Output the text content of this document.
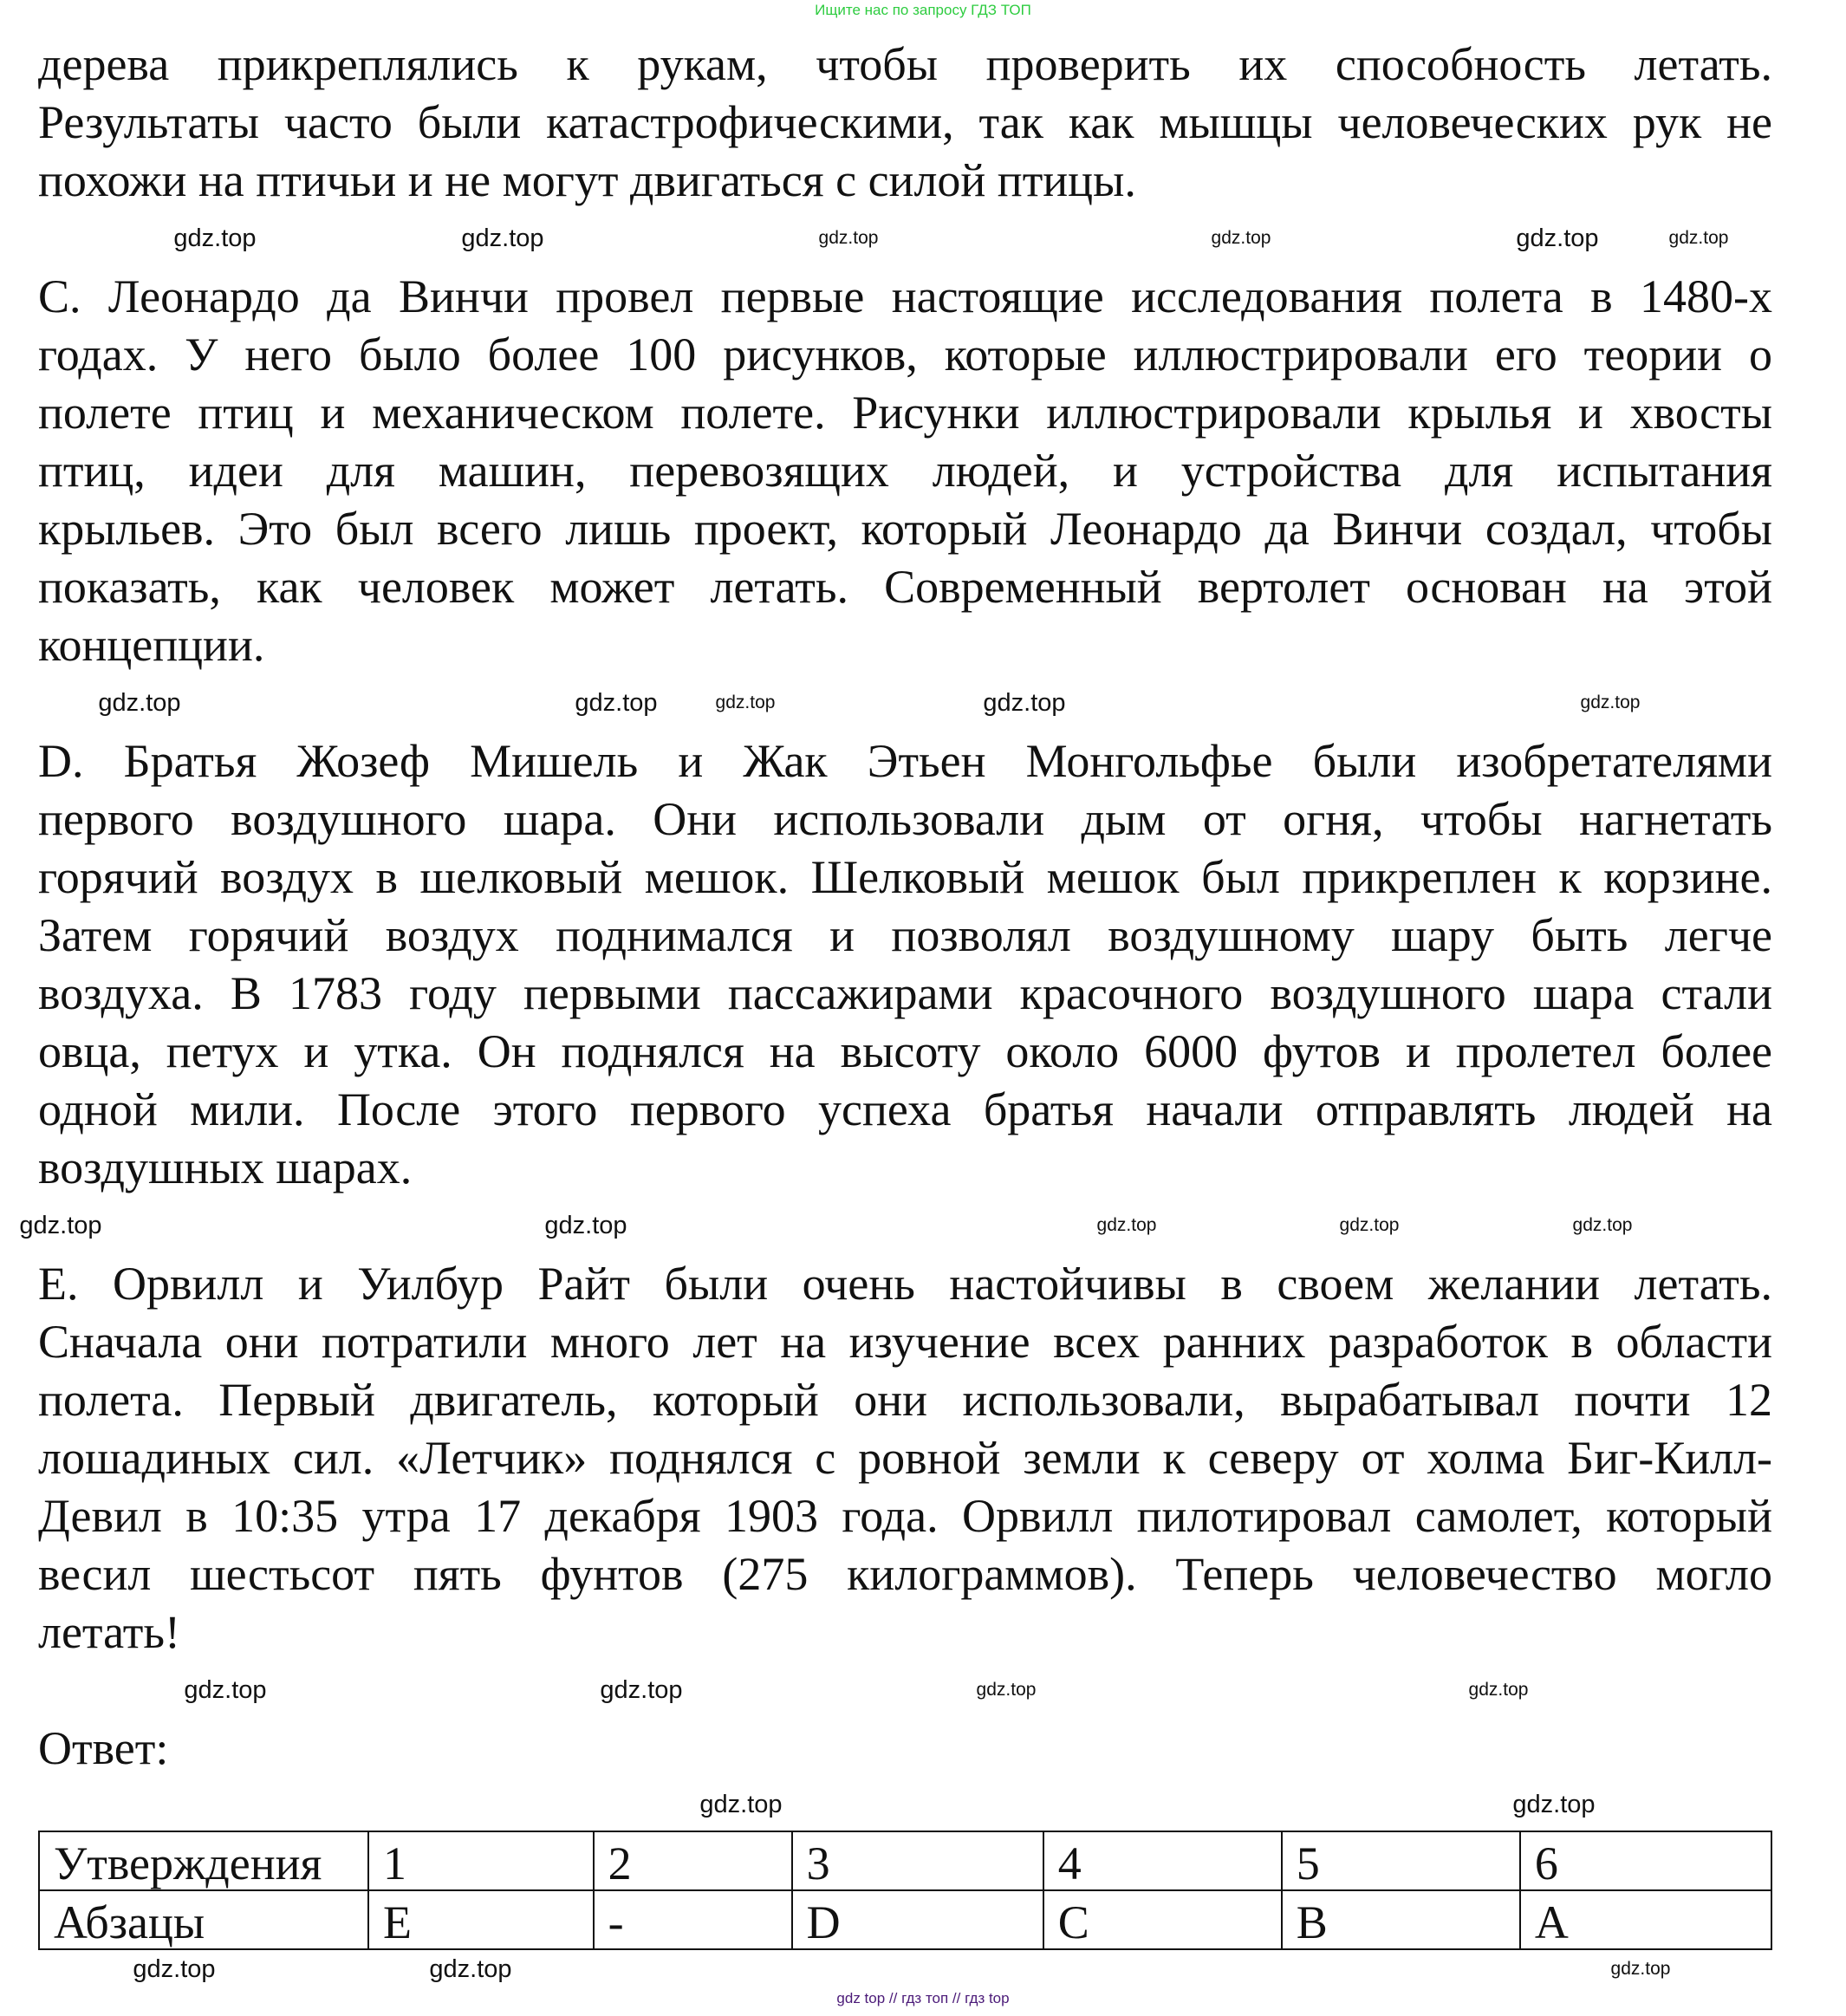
Ищите нас по запросу ГДЗ ТОП
дерева прикреплялись к рукам, чтобы проверить их способность летать.
Результаты часто были катастрофическими, так как мышцы человеческих рук не
похожи на птичьи и не могут двигаться с силой птицы.
C. Леонардо да Винчи провел первые настоящие исследования полета в 1480-х
годах. У него было более 100 рисунков, которые иллюстрировали его теории о
полете птиц и механическом полете. Рисунки иллюстрировали крылья и хвосты
птиц, идеи для машин, перевозящих людей, и устройства для испытания
крыльев. Это был всего лишь проект, который Леонардо да Винчи создал, чтобы
показать, как человек может летать. Современный вертолет основан на этой
концепции.
D. Братья Жозеф Мишель и Жак Этьен Монгольфье были изобретателями
первого воздушного шара. Они использовали дым от огня, чтобы нагнетать
горячий воздух в шелковый мешок. Шелковый мешок был прикреплен к корзине.
Затем горячий воздух поднимался и позволял воздушному шару быть легче
воздуха. В 1783 году первыми пассажирами красочного воздушного шара стали
овца, петух и утка. Он поднялся на высоту около 6000 футов и пролетел более
одной мили. После этого первого успеха братья начали отправлять людей на
воздушных шарах.
E. Орвилл и Уилбур Райт были очень настойчивы в своем желании летать.
Сначала они потратили много лет на изучение всех ранних разработок в области
полета. Первый двигатель, который они использовали, вырабатывал почти 12
лошадиных сил. «Летчик» поднялся с ровной земли к северу от холма Биг-Килл-
Девил в 10:35 утра 17 декабря 1903 года. Орвилл пилотировал самолет, который
весил шестьсот пять фунтов (275 килограммов). Теперь человечество могло
летать!
Ответ:
Утверждения	1	2	3	4	5	6
Абзацы	E	-	D	C	B	A
gdz.top	gdz.top
gdz.top	gdz.top	gdz.top
gdz.top
gdz.top
gdz.top
gdz.top
gdz.top	gdz.top
gdz.top
gdz.top
gdz.top
gdz.top	gdz.top
gdz.top	gdz.top
gdz.top
gdz.top
gdz.top
gdz.top
gdz.top
gdz.top	gdz.top
gdz top // гдз топ // гдз top
